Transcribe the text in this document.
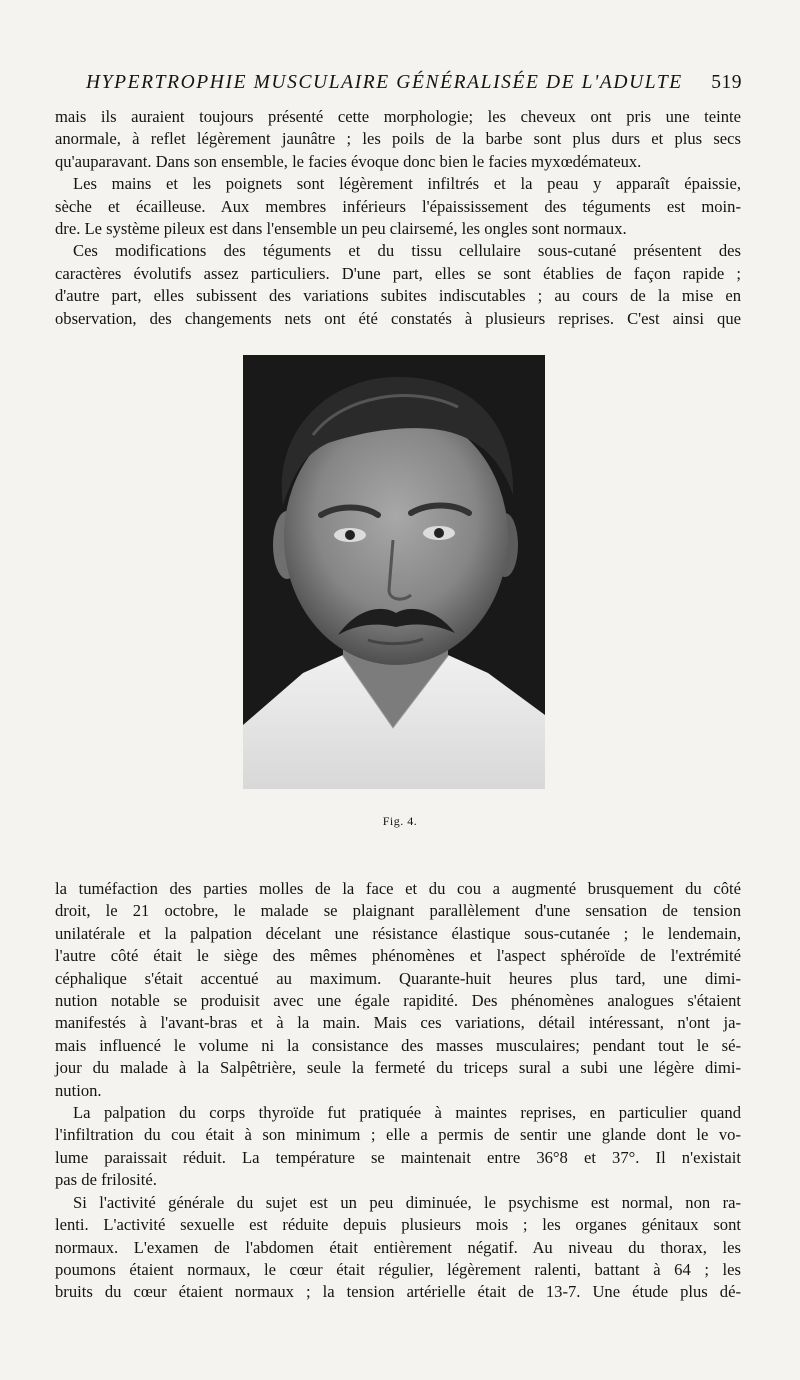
HYPERTROPHIE MUSCULAIRE GÉNÉRALISÉE DE L'ADULTE 519

mais ils auraient toujours présenté cette morphologie; les cheveux ont pris une teinte

anormale, à reflet légèrement jaunâtre ; les poils de la barbe sont plus durs et plus secs

qu'auparavant. Dans son ensemble, le facies évoque donc bien le facies myxœdémateux.

Les mains et les poignets sont légèrement infiltrés et la peau y apparaît épaissie,

sèche et écailleuse. Aux membres inférieurs l'épaississement des téguments est moin-

dre. Le système pileux est dans l'ensemble un peu clairsemé, les ongles sont normaux.

Ces modifications des téguments et du tissu cellulaire sous-cutané présentent des

caractères évolutifs assez particuliers. D'une part, elles se sont établies de façon rapide ;

d'autre part, elles subissent des variations subites indiscutables ; au cours de la mise en

observation, des changements nets ont été constatés à plusieurs reprises. C'est ainsi que

Fig. 4.

la tuméfaction des parties molles de la face et du cou a augmenté brusquement du côté

droit, le 21 octobre, le malade se plaignant parallèlement d'une sensation de tension

unilatérale et la palpation décelant une résistance élastique sous-cutanée ; le lendemain,

l'autre côté était le siège des mêmes phénomènes et l'aspect sphéroïde de l'extrémité

céphalique s'était accentué au maximum. Quarante-huit heures plus tard, une dimi-

nution notable se produisit avec une égale rapidité. Des phénomènes analogues s'étaient

manifestés à l'avant-bras et à la main. Mais ces variations, détail intéressant, n'ont ja-

mais influencé le volume ni la consistance des masses musculaires; pendant tout le sé-

jour du malade à la Salpêtrière, seule la fermeté du triceps sural a subi une légère dimi-

nution.

La palpation du corps thyroïde fut pratiquée à maintes reprises, en particulier quand

l'infiltration du cou était à son minimum ; elle a permis de sentir une glande dont le vo-

lume paraissait réduit. La température se maintenait entre 36°8 et 37°. Il n'existait

pas de frilosité.

Si l'activité générale du sujet est un peu diminuée, le psychisme est normal, non ra-

lenti. L'activité sexuelle est réduite depuis plusieurs mois ; les organes génitaux sont

normaux. L'examen de l'abdomen était entièrement négatif. Au niveau du thorax, les

poumons étaient normaux, le cœur était régulier, légèrement ralenti, battant à 64 ; les

bruits du cœur étaient normaux ; la tension artérielle était de 13-7. Une étude plus dé-
